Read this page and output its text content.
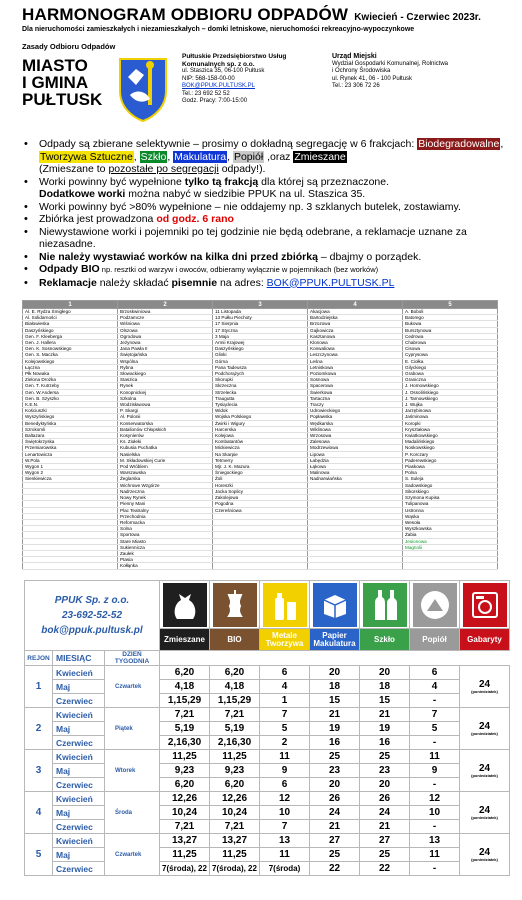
HARMONOGRAM ODBIORU ODPADÓW Kwiecień - Czerwiec 2023r.
Dla nieruchomości zamieszkałych i niezamieszkałych – domki letniskowe, nieruchomości rekreacyjno-wypoczynkowe
Zasady Odbioru Odpadów
MIASTO
I GMINA
PUŁTUSK
Pułtuskie Przedsiębiorstwo Usług
Komunalnych sp. z o.o.
ul. Staszica 35, 06-100 Pułtusk
NIP: 568-158-00-00
BOK@PPUK.PULTUSK.PL
Tel.: 23 692 52 52
Godz. Pracy: 7:00-15:00
Urząd Miejski
Wydział Gospodarki Komunalnej, Rolnictwa
i Ochrony Środowiska
ul. Rynek 41, 06 - 100 Pułtusk
Tel.: 23 306 72 26
• Odpady są zbierane selektywnie – prosimy o dokładną segregację w 6 frakcjach: Biodegradowalne, Tworzywa Sztuczne, Szkło, Makulatura, Popiół ,oraz Zmieszane
(Zmieszane to pozostałe po segregacji odpady!).
• Worki powinny być wypełnione tylko tą frakcją dla której są przeznaczone.
Dodatkowe worki można nabyć w siedzibie PPUK na ul. Staszica 35.
• Worki powinny być >80% wypełnione – nie oddajemy np. 3 szklanych butelek, zostawiamy.
• Zbiórka jest prowadzona od godz. 6 rano
• Niewystawione worki i pojemniki po tej godzinie nie będą odebrane, a reklamacje uznane za niezasadne.
• Nie należy wystawiać worków na kilka dni przed zbiórką – dbajmy o porządek.
• Odpady BIO np. resztki od warzyw i owoców, odbieramy wyłącznie w pojemnikach (bez worków)
• Reklamacje należy składać pisemnie na adres: BOK@PPUK.PULTUSK.PL
1	2	3	4	5
Al. E. Rydza Śmigłego	Brzoskwiniowa	11 Listopada	Akacjowa	A. Boboli
Al. Solidarności	Podzamcze	13 Pułku Piechoty	Bartodziejska	Batorego
Białowieska	Wiśniowa	17 Sierpnia	Brzozowa	Bukowa
Daszyńskiego	Olszowa	17 Styczna	Gajkowicza	Bursztynowa
Gen. F. Kleeberga	Ogrodowa	3 Maja	Kasztanowa	Cedrowa
Gen. J. Hallera	Jeżynowa	Armii Krajowej	Klonowa	Chabrowa
Gen. K. Sosnowskiego	Jana Pawła II	Daszyńskiego	Konwaliowa	Cisowa
Gen. S. Maczka	Świętojańska	Glinki	Leszczynowa	Cyprysowa
Kolejowskiego	Wspólna	Górna	Leśna	E. Ciołka
Łączna	Rybna	Pana Tadeusza	Letniskowa	Gilyckiego
Płk Nowaka	Słowackiego	Podchorążych	Poziomkowa	Grabowa
Zielona Drożka	Staszica	Skorupki	Sosnowa	Graniczna
Gen. T. Kutrzeby	Rynek	Skrzeczna	Spacerowa	J. Homowskiego
Gen. W.Andersa	Konopnickiej	Strzelecka	Świerkowa	J. Ossolińskiego
Gen. B. Szyszko	Szkolna	Traugutta	Tartaczna	J. Tarnowskiego
K.E.N.	Wodzisławowa	Tysiąclecia	Traczy	J. Wujka
Kościuszki	P. Skargi	Widok	Udrowieckiego	Jarzębinowa
Wyszyńskiego	Al. Polonii	Wojska Polskiego	Popławska	Jaśminowa
Benedyktyńska	Konserwatorska	Żwirki i Wigury	Wędkarska	Koropki
Szrokomli	Batalionów Chłopskich	Harcerska	Wiklinowa	Kryształowa
Baltazara	Kosynierów	Kolejowa	Wrzosowa	Kwiatkowskiego
Świętokrzyska	Ks. Ziołeki	Kombatantów	Zalesowa	Madalińskiego
Przemiarowska	Kubusia Puchatka	Mickiewicza	Modrzewiowa	Noskowskiego
Lenartowicza	Nasielska	Na Skarpie	Lipowa	P. Korczary
W.Pola	M. Składowskiej Curie	Tetmerry	Łabędzia	Paderewskiego
Wygon 1	Pod Wróblem	Mjr. J. K. Mazura	Łąkowa	Piaskowa
Wygon 2	Warszawska	Śniegockiego	Malinowa	Polna
Sienkiewicza	Żeglarska	Żoli	Nadnarwiańska	S. Suleja
	Wichrowe Wzgórze	Horeszki		Sadowskiego
	Nadrzeczna	Jacka Soplicy		Sikorskiego
	Nowy Rynek	Zakolejowa		Szymona Kupisa
	Pienny Mani	Pogodna		Tulipanowa
	Plac Teatralny	Czereśniowa		Ustronna
	Przechodnia			Wąska
	Reformacka			Wesoła
	Solna			Wyszkowska
	Sportowa			Żabia
	Stare Miasto			Jesionowa
	Sukiennicza			Magnolii
	Zaułek			
	Ptasia			
	Kołłąnka			
PPUK Sp. z o.o.
23-692-52-52
bok@ppuk.pultusk.pl

			Zmieszane	BIO	Metale Tworzywa	Papier Makulatura	Szkło	Popiół	Gabaryty
REJON	MIESIĄC	DZIEŃ TYGODNIA							
1	Kwiecień	Czwartek	6,20	6,20	6	20	20	6	24
(poniedziałek)

	Maj		4,18	4,18	4	18	18	4	
	Czerwiec		1,15,29	1,15,29	1	15	15	-	
2	Kwiecień	Piątek	7,21	7,21	7	21	21	7	24
(poniedziałek)

	Maj		5,19	5,19	5	19	19	5	
	Czerwiec		2,16,30	2,16,30	2	16	16	-	
3	Kwiecień	Wtorek	11,25	11,25	11	25	25	11	24
(poniedziałek)

	Maj		9,23	9,23	9	23	23	9	
	Czerwiec		6,20	6,20	6	20	20	-	
4	Kwiecień	Środa	12,26	12,26	12	26	26	12	24
(poniedziałek)

	Maj		10,24	10,24	10	24	24	10	
	Czerwiec		7,21	7,21	7	21	21	-	
5	Kwiecień	Czwartek	13,27	13,27	13	27	27	13	24
(poniedziałek)

	Maj		11,25	11,25	11	25	25	11	
	Czerwiec		7(środa), 22	7(środa), 22	7(środa)	22	22	-	
